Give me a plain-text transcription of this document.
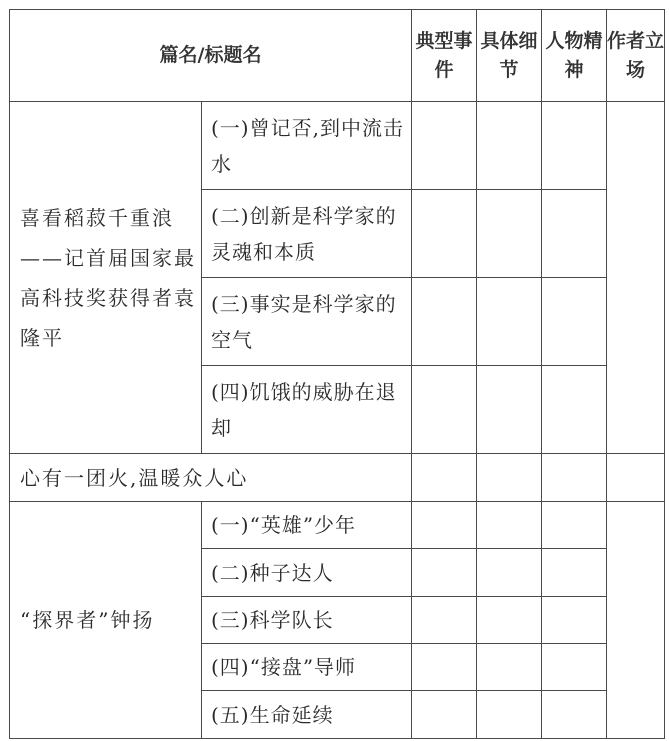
篇名/标题名		典型事件	具体细节	人物精神	作者立场
喜看稻菽千重浪——记首届国家最高科技奖获得者袁隆平	(一)曾记否,到中流击水				
	(二)创新是科学家的灵魂和本质				
	(三)事实是科学家的空气				
	(四)饥饿的威胁在退却				
心有一团火,温暖众人心					
“探界者”钟扬	(一)“英雄”少年				
	(二)种子达人				
	(三)科学队长				
	(四)“接盘”导师				
	(五)生命延续				
